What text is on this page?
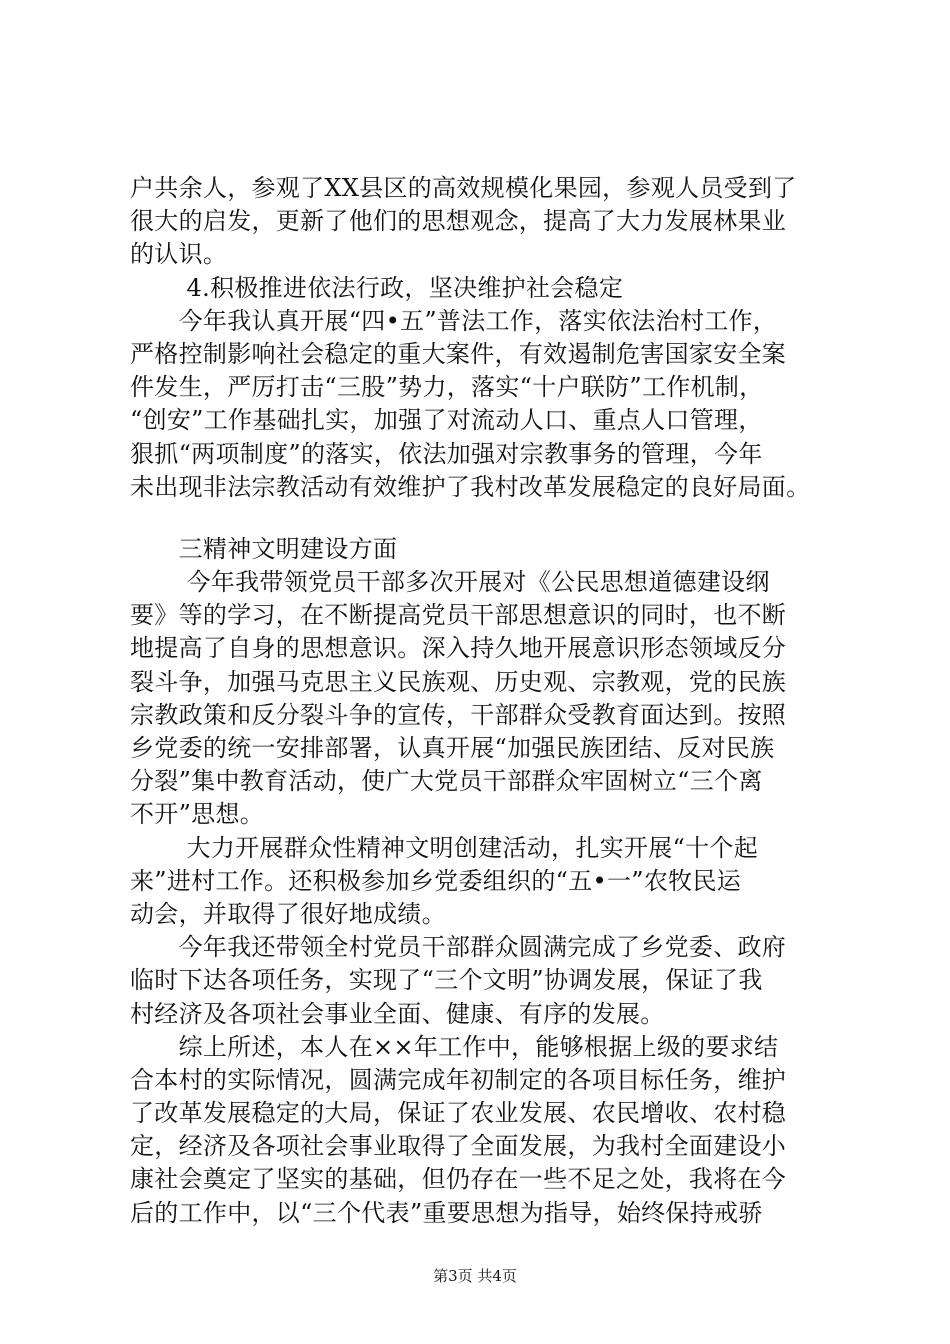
户共余人，参观了XX县区的高效规模化果园，参观人员受到了
很大的启发，更新了他们的思想观念，提高了大力发展林果业
的认识。
　　 4.积极推进依法行政，坚决维护社会稳定
　　今年我认真开展“四•五”普法工作，落实依法治村工作，
严格控制影响社会稳定的重大案件，有效遏制危害国家安全案
件发生，严厉打击“三股”势力，落实“十户联防”工作机制，
“创安”工作基础扎实，加强了对流动人口、重点人口管理，
狠抓“两项制度”的落实，依法加强对宗教事务的管理，今年
未出现非法宗教活动有效维护了我村改革发展稳定的良好局面。
　　三精神文明建设方面
　　 今年我带领党员干部多次开展对《公民思想道德建设纲
要》等的学习，在不断提高党员干部思想意识的同时，也不断
地提高了自身的思想意识。深入持久地开展意识形态领域反分
裂斗争，加强马克思主义民族观、历史观、宗教观，党的民族
宗教政策和反分裂斗争的宣传，干部群众受教育面达到。按照
乡党委的统一安排部署，认真开展“加强民族团结、反对民族
分裂”集中教育活动，使广大党员干部群众牢固树立“三个离
不开”思想。
　　 大力开展群众性精神文明创建活动，扎实开展“十个起
来”进村工作。还积极参加乡党委组织的“五•一”农牧民运
动会，并取得了很好地成绩。
　　今年我还带领全村党员干部群众圆满完成了乡党委、政府
临时下达各项任务，实现了“三个文明”协调发展，保证了我
村经济及各项社会事业全面、健康、有序的发展。
　　综上所述，本人在××年工作中，能够根据上级的要求结
合本村的实际情况，圆满完成年初制定的各项目标任务，维护
了改革发展稳定的大局，保证了农业发展、农民增收、农村稳
定，经济及各项社会事业取得了全面发展，为我村全面建设小
康社会奠定了坚实的基础，但仍存在一些不足之处，我将在今
后的工作中，以“三个代表”重要思想为指导，始终保持戒骄
第3页 共4页
